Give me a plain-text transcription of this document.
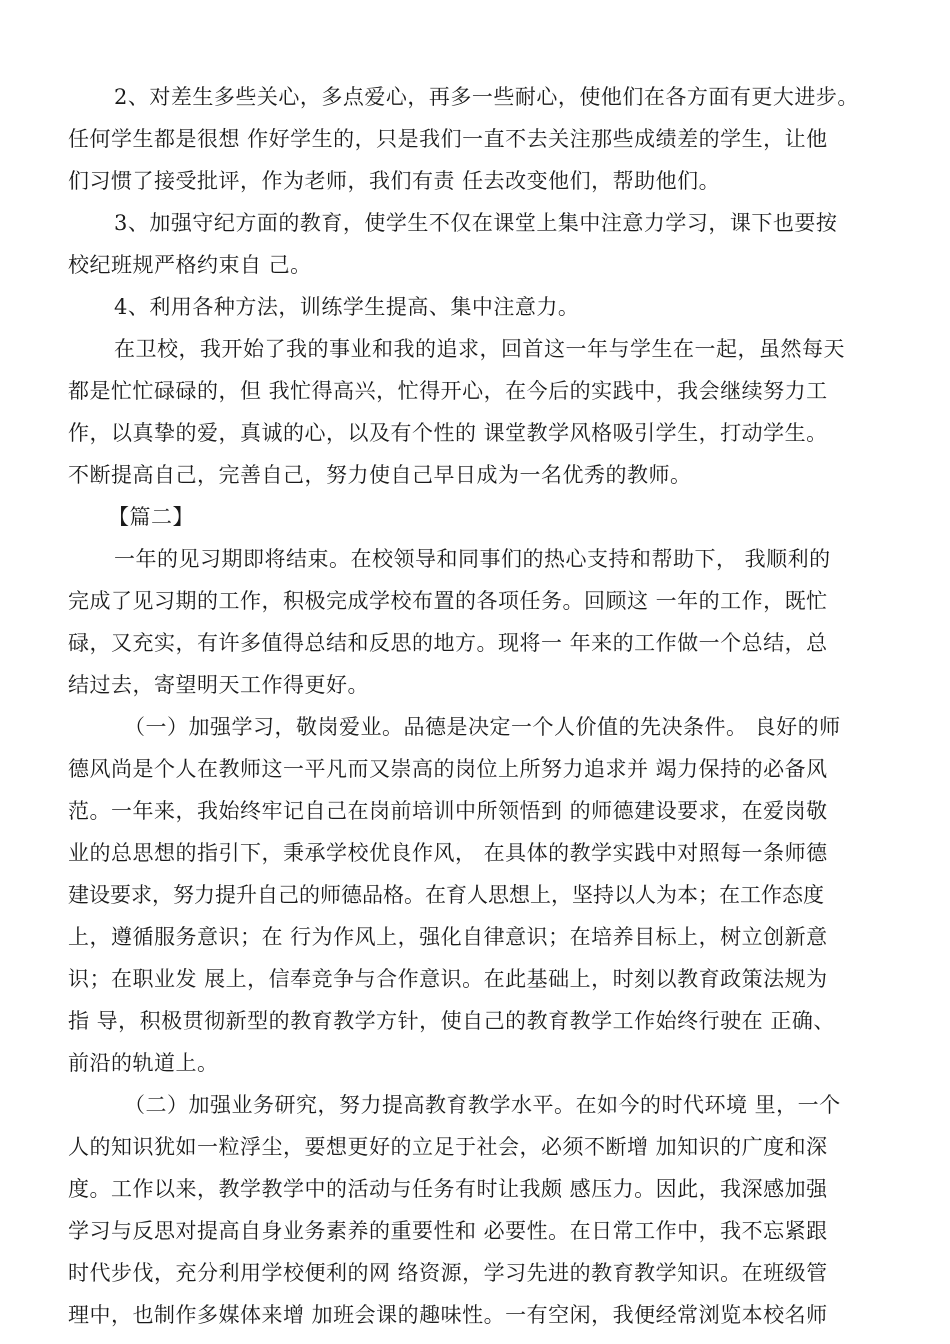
2、对差生多些关心，多点爱心，再多一些耐心，使他们在各方面有更大进步。
任何学生都是很想 作好学生的，只是我们一直不去关注那些成绩差的学生，让他
们习惯了接受批评，作为老师，我们有责 任去改变他们，帮助他们。
3、加强守纪方面的教育，使学生不仅在课堂上集中注意力学习，课下也要按
校纪班规严格约束自 己。
4、利用各种方法，训练学生提高、集中注意力。
在卫校，我开始了我的事业和我的追求，回首这一年与学生在一起，虽然每天
都是忙忙碌碌的，但 我忙得高兴，忙得开心，在今后的实践中，我会继续努力工
作，以真挚的爱，真诚的心，以及有个性的 课堂教学风格吸引学生，打动学生。
不断提高自己，完善自己，努力使自己早日成为一名优秀的教师。
【篇二】
一年的见习期即将结束。在校领导和同事们的热心支持和帮助下， 我顺利的
完成了见习期的工作，积极完成学校布置的各项任务。回顾这 一年的工作，既忙
碌，又充实，有许多值得总结和反思的地方。现将一 年来的工作做一个总结，总
结过去，寄望明天工作得更好。
（一）加强学习，敬岗爱业。品德是决定一个人价值的先决条件。 良好的师
德风尚是个人在教师这一平凡而又崇高的岗位上所努力追求并 竭力保持的必备风
范。一年来，我始终牢记自己在岗前培训中所领悟到 的师德建设要求，在爱岗敬
业的总思想的指引下，秉承学校优良作风， 在具体的教学实践中对照每一条师德
建设要求，努力提升自己的师德品格。在育人思想上，坚持以人为本；在工作态度
上，遵循服务意识；在 行为作风上，强化自律意识；在培养目标上，树立创新意
识；在职业发 展上，信奉竞争与合作意识。在此基础上，时刻以教育政策法规为
指 导，积极贯彻新型的教育教学方针，使自己的教育教学工作始终行驶在 正确、
前沿的轨道上。
（二）加强业务研究，努力提高教育教学水平。在如今的时代环境 里，一个
人的知识犹如一粒浮尘，要想更好的立足于社会，必须不断增 加知识的广度和深
度。工作以来，教学教学中的活动与任务有时让我颇 感压力。因此，我深感加强
学习与反思对提高自身业务素养的重要性和 必要性。在日常工作中，我不忘紧跟
时代步伐，充分利用学校便利的网 络资源，学习先进的教育教学知识。在班级管
理中，也制作多媒体来增 加班会课的趣味性。一有空闲，我便经常浏览本校名师
